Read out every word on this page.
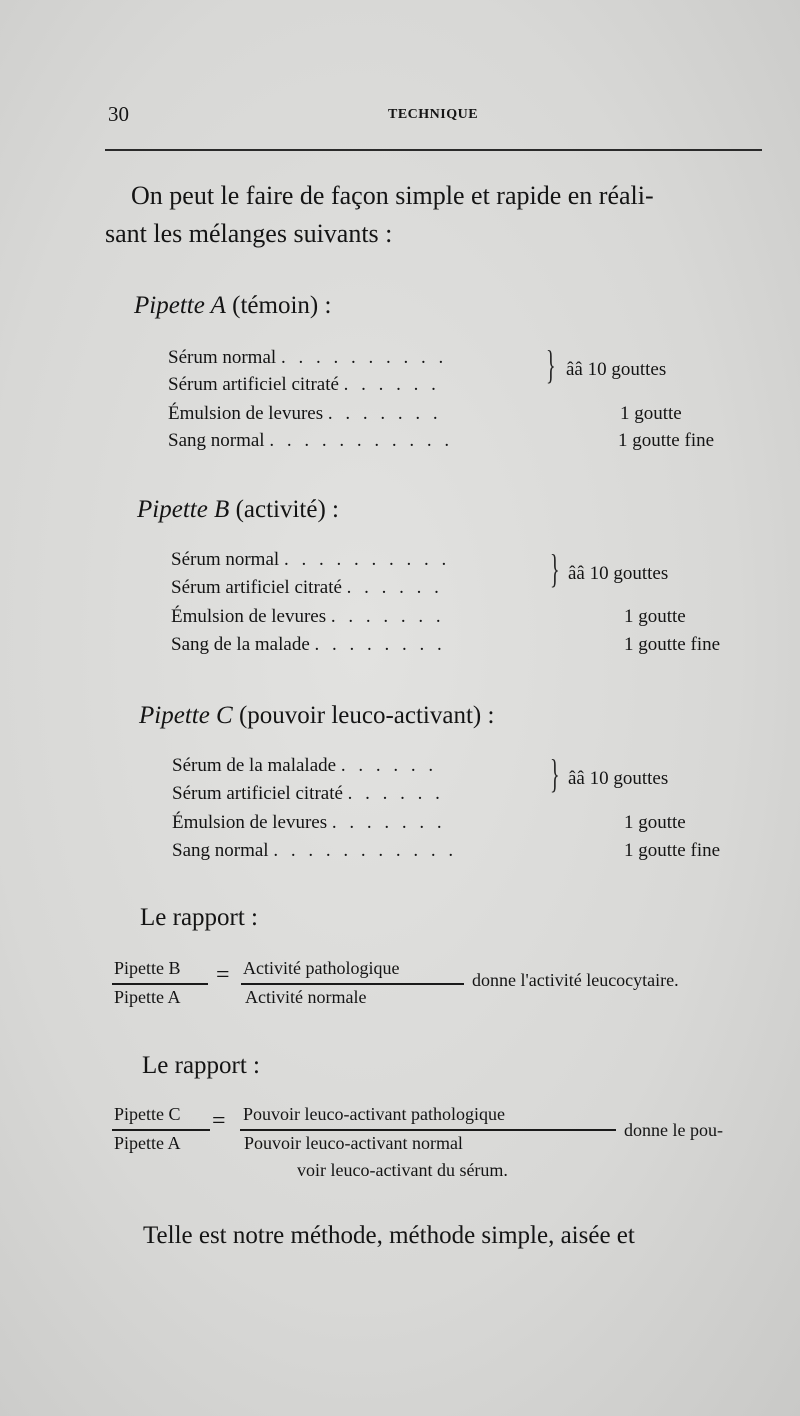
30	TECHNIQUE
On peut le faire de façon simple et rapide en réali-
sant les mélanges suivants :
Pipette A (témoin) :
Sérum normal . . . . . . . . . .
Sérum artificiel citraté . . . . . .	} ââ 10 gouttes
Émulsion de levures . . . . . . .	1 goutte
Sang normal . . . . . . . . . . .	1 goutte fine
Pipette B (activité) :
Sérum normal . . . . . . . . . .
Sérum artificiel citraté . . . . . .	} ââ 10 gouttes
Émulsion de levures . . . . . . .	1 goutte
Sang de la malade . . . . . . . .	1 goutte fine
Pipette C (pouvoir leuco-activant) :
Sérum de la malalade . . . . . .
Sérum artificiel citraté . . . . . .	} ââ 10 gouttes
Émulsion de levures . . . . . . .	1 goutte
Sang normal . . . . . . . . . . .	1 goutte fine
Le rapport :
Pipette B
Pipette A
= Activité pathologique
Activité normale
donne l'activité leucocytaire.
Le rapport :
Pipette C
Pipette A
= Pouvoir leuco-activant pathologique
Pouvoir leuco-activant normal
donne le pou-
voir leuco-activant du sérum.
Telle est notre méthode, méthode simple, aisée et
